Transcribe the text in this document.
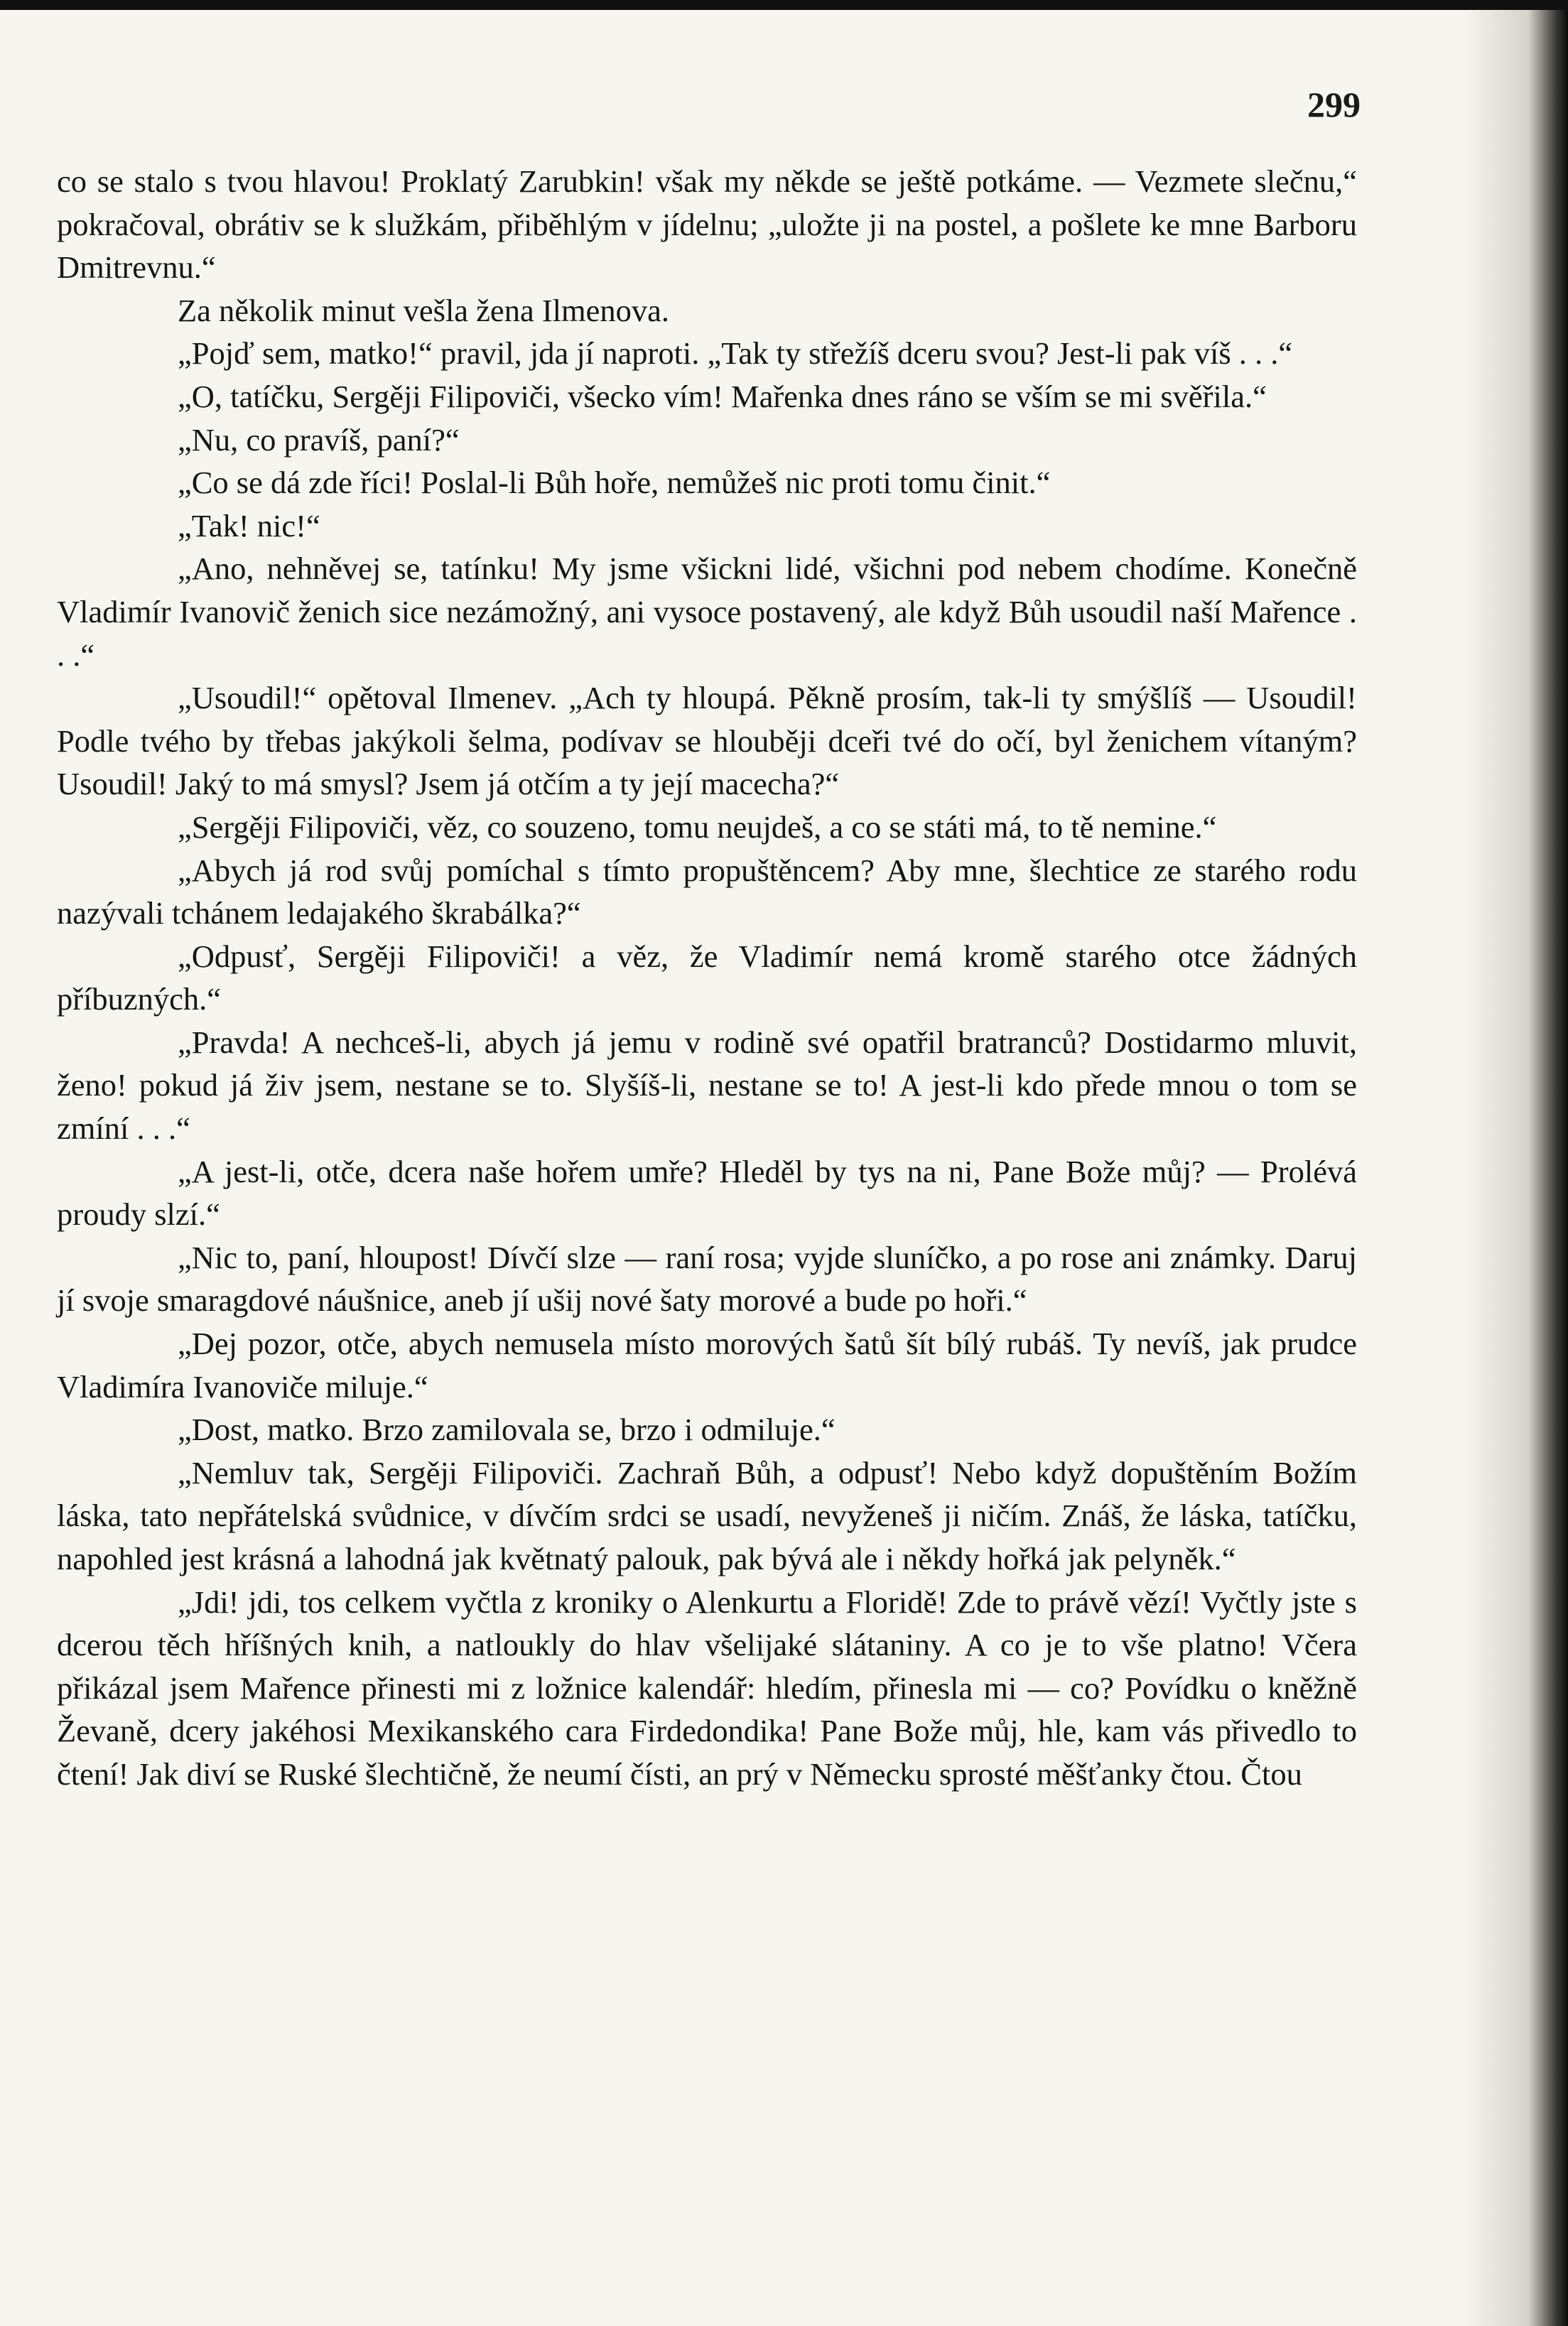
299

co se stalo s tvou hlavou! Proklatý Zarubkin! však my někde se ještě potkáme. — Vezmete slečnu,“ pokračoval, obrátiv se k služkám, přiběhlým v jídelnu; „uložte ji na postel, a pošlete ke mne Barboru Dmitrevnu.“

Za několik minut vešla žena Ilmenova.

„Pojď sem, matko!“ pravil, jda jí naproti. „Tak ty střežíš dceru svou? Jest-li pak víš . . .“

„O, tatíčku, Sergěji Filipoviči, všecko vím! Mařenka dnes ráno se vším se mi svěřila.“

„Nu, co pravíš, paní?“

„Co se dá zde říci! Poslal-li Bůh hoře, nemůžeš nic proti tomu činit.“

„Tak! nic!“

„Ano, nehněvej se, tatínku! My jsme všickni lidé, všichni pod nebem chodíme. Konečně Vladimír Ivanovič ženich sice nezámožný, ani vysoce postavený, ale když Bůh usoudil naší Mařence . . .“

„Usoudil!“ opětoval Ilmenev. „Ach ty hloupá. Pěkně prosím, tak-li ty smýšlíš — Usoudil! Podle tvého by třebas jakýkoli šelma, podívav se hlouběji dceři tvé do očí, byl ženichem vítaným? Usoudil! Jaký to má smysl? Jsem já otčím a ty její macecha?“

„Sergěji Filipoviči, věz, co souzeno, tomu neujdeš, a co se státi má, to tě nemine.“

„Abych já rod svůj pomíchal s tímto propuštěncem? Aby mne, šlechtice ze starého rodu nazývali tchánem ledajakého škrabálka?“

„Odpusť, Sergěji Filipoviči! a věz, že Vladimír nemá kromě starého otce žádných příbuzných.“

„Pravda! A nechceš-li, abych já jemu v rodině své opatřil bratranců? Dostidarmo mluvit, ženo! pokud já živ jsem, nestane se to. Slyšíš-li, nestane se to! A jest-li kdo přede mnou o tom se zmíní . . .“

„A jest-li, otče, dcera naše hořem umře? Hleděl by tys na ni, Pane Bože můj? — Prolévá proudy slzí.“

„Nic to, paní, hloupost! Dívčí slze — raní rosa; vyjde sluníčko, a po rose ani známky. Daruj jí svoje smaragdové náušnice, aneb jí ušij nové šaty morové a bude po hoři.“

„Dej pozor, otče, abych nemusela místo morových šatů šít bílý rubáš. Ty nevíš, jak prudce Vladimíra Ivanoviče miluje.“

„Dost, matko. Brzo zamilovala se, brzo i odmiluje.“

„Nemluv tak, Sergěji Filipoviči. Zachraň Bůh, a odpusť! Nebo když dopuštěním Božím láska, tato nepřátelská svůdnice, v dívčím srdci se usadí, nevyženeš ji ničím. Znáš, že láska, tatíčku, napohled jest krásná a lahodná jak květnatý palouk, pak bývá ale i někdy hořká jak pelyněk.“

„Jdi! jdi, tos celkem vyčtla z kroniky o Alenkurtu a Floridě! Zde to právě vězí! Vyčtly jste s dcerou těch hříšných knih, a natloukly do hlav všelijaké slátaniny. A co je to vše platno! Včera přikázal jsem Mařence přinesti mi z ložnice kalendář: hledím, přinesla mi — co? Povídku o kněžně Ževaně, dcery jakéhosi Mexikanského cara Firdedondika! Pane Bože můj, hle, kam vás přivedlo to čtení! Jak diví se Ruské šlechtičně, že neumí čísti, an prý v Německu sprosté měšťanky čtou. Čtou
